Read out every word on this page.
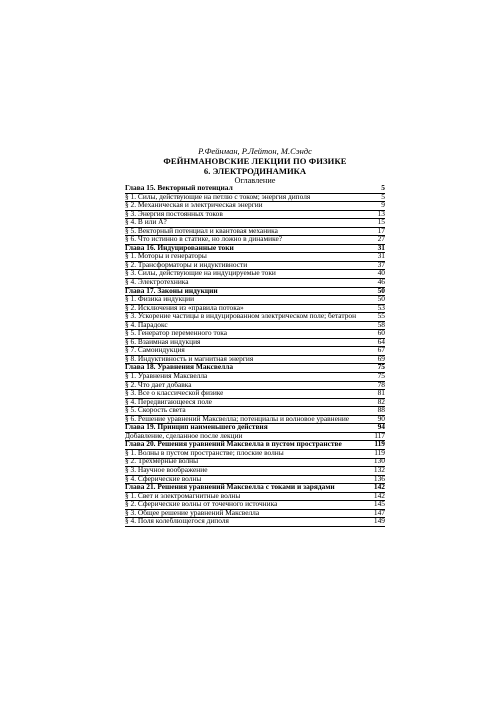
Р.Фейнман, Р.Лейтон, М.Сэндс
ФЕЙНМАНОВСКИЕ ЛЕКЦИИ ПО ФИЗИКЕ
6. ЭЛЕКТРОДИНАМИКА
Оглавление
Глава 15. Векторный потенциал	5
§ 1. Силы, действующие на петлю с током; энергия диполя	5
§ 2. Механическая и электрическая энергии	9
§ 3. Энергия постоянных токов	13
§ 4. B или A?	15
§ 5. Векторный потенциал и квантовая механика	17
§ 6. Что истинно в статике, но ложно в динамике?	27
Глава 16. Индуцированные токи	31
§ 1. Моторы и генераторы	31
§ 2. Трансформаторы и индуктивности	37
§ 3. Силы, действующие на индуцируемые токи	40
§ 4. Электротехника	46
Глава 17. Законы индукции	50
§ 1. Физика индукции	50
§ 2. Исключения из «правила потока»	53
§ 3. Ускорение частицы в индуцированном электрическом поле; бетатрон	55
§ 4. Парадокс	58
§ 5. Генератор переменного тока	60
§ 6. Взаимная индукция	64
§ 7. Самоиндукция	67
§ 8. Индуктивность и магнитная энергия	69
Глава 18. Уравнения Максвелла	75
§ 1. Уравнения Максвелла	75
§ 2. Что дает добавка	78
§ 3. Все о классической физике	81
§ 4. Передвигающееся поле	82
§ 5. Скорость света	88
§ 6. Решение уравнений Максвелла; потенциалы и волновое уравнение	90
Глава 19. Принцип наименьшего действия	94
Добавление, сделанное после лекции	117
Глава 20. Решения уравнений Максвелла в пустом пространстве	119
§ 1. Волны в пустом пространстве; плоские волны	119
§ 2. Трехмерные волны	130
§ 3. Научное воображение	132
§ 4. Сферические волны	136
Глава 21. Решения уравнений Максвелла с токами и зарядами	142
§ 1. Свет и электромагнитные волны	142
§ 2. Сферические волны от точечного источника	145
§ 3. Общее решение уравнений Максвелла	147
§ 4. Поля колеблющегося диполя	149
